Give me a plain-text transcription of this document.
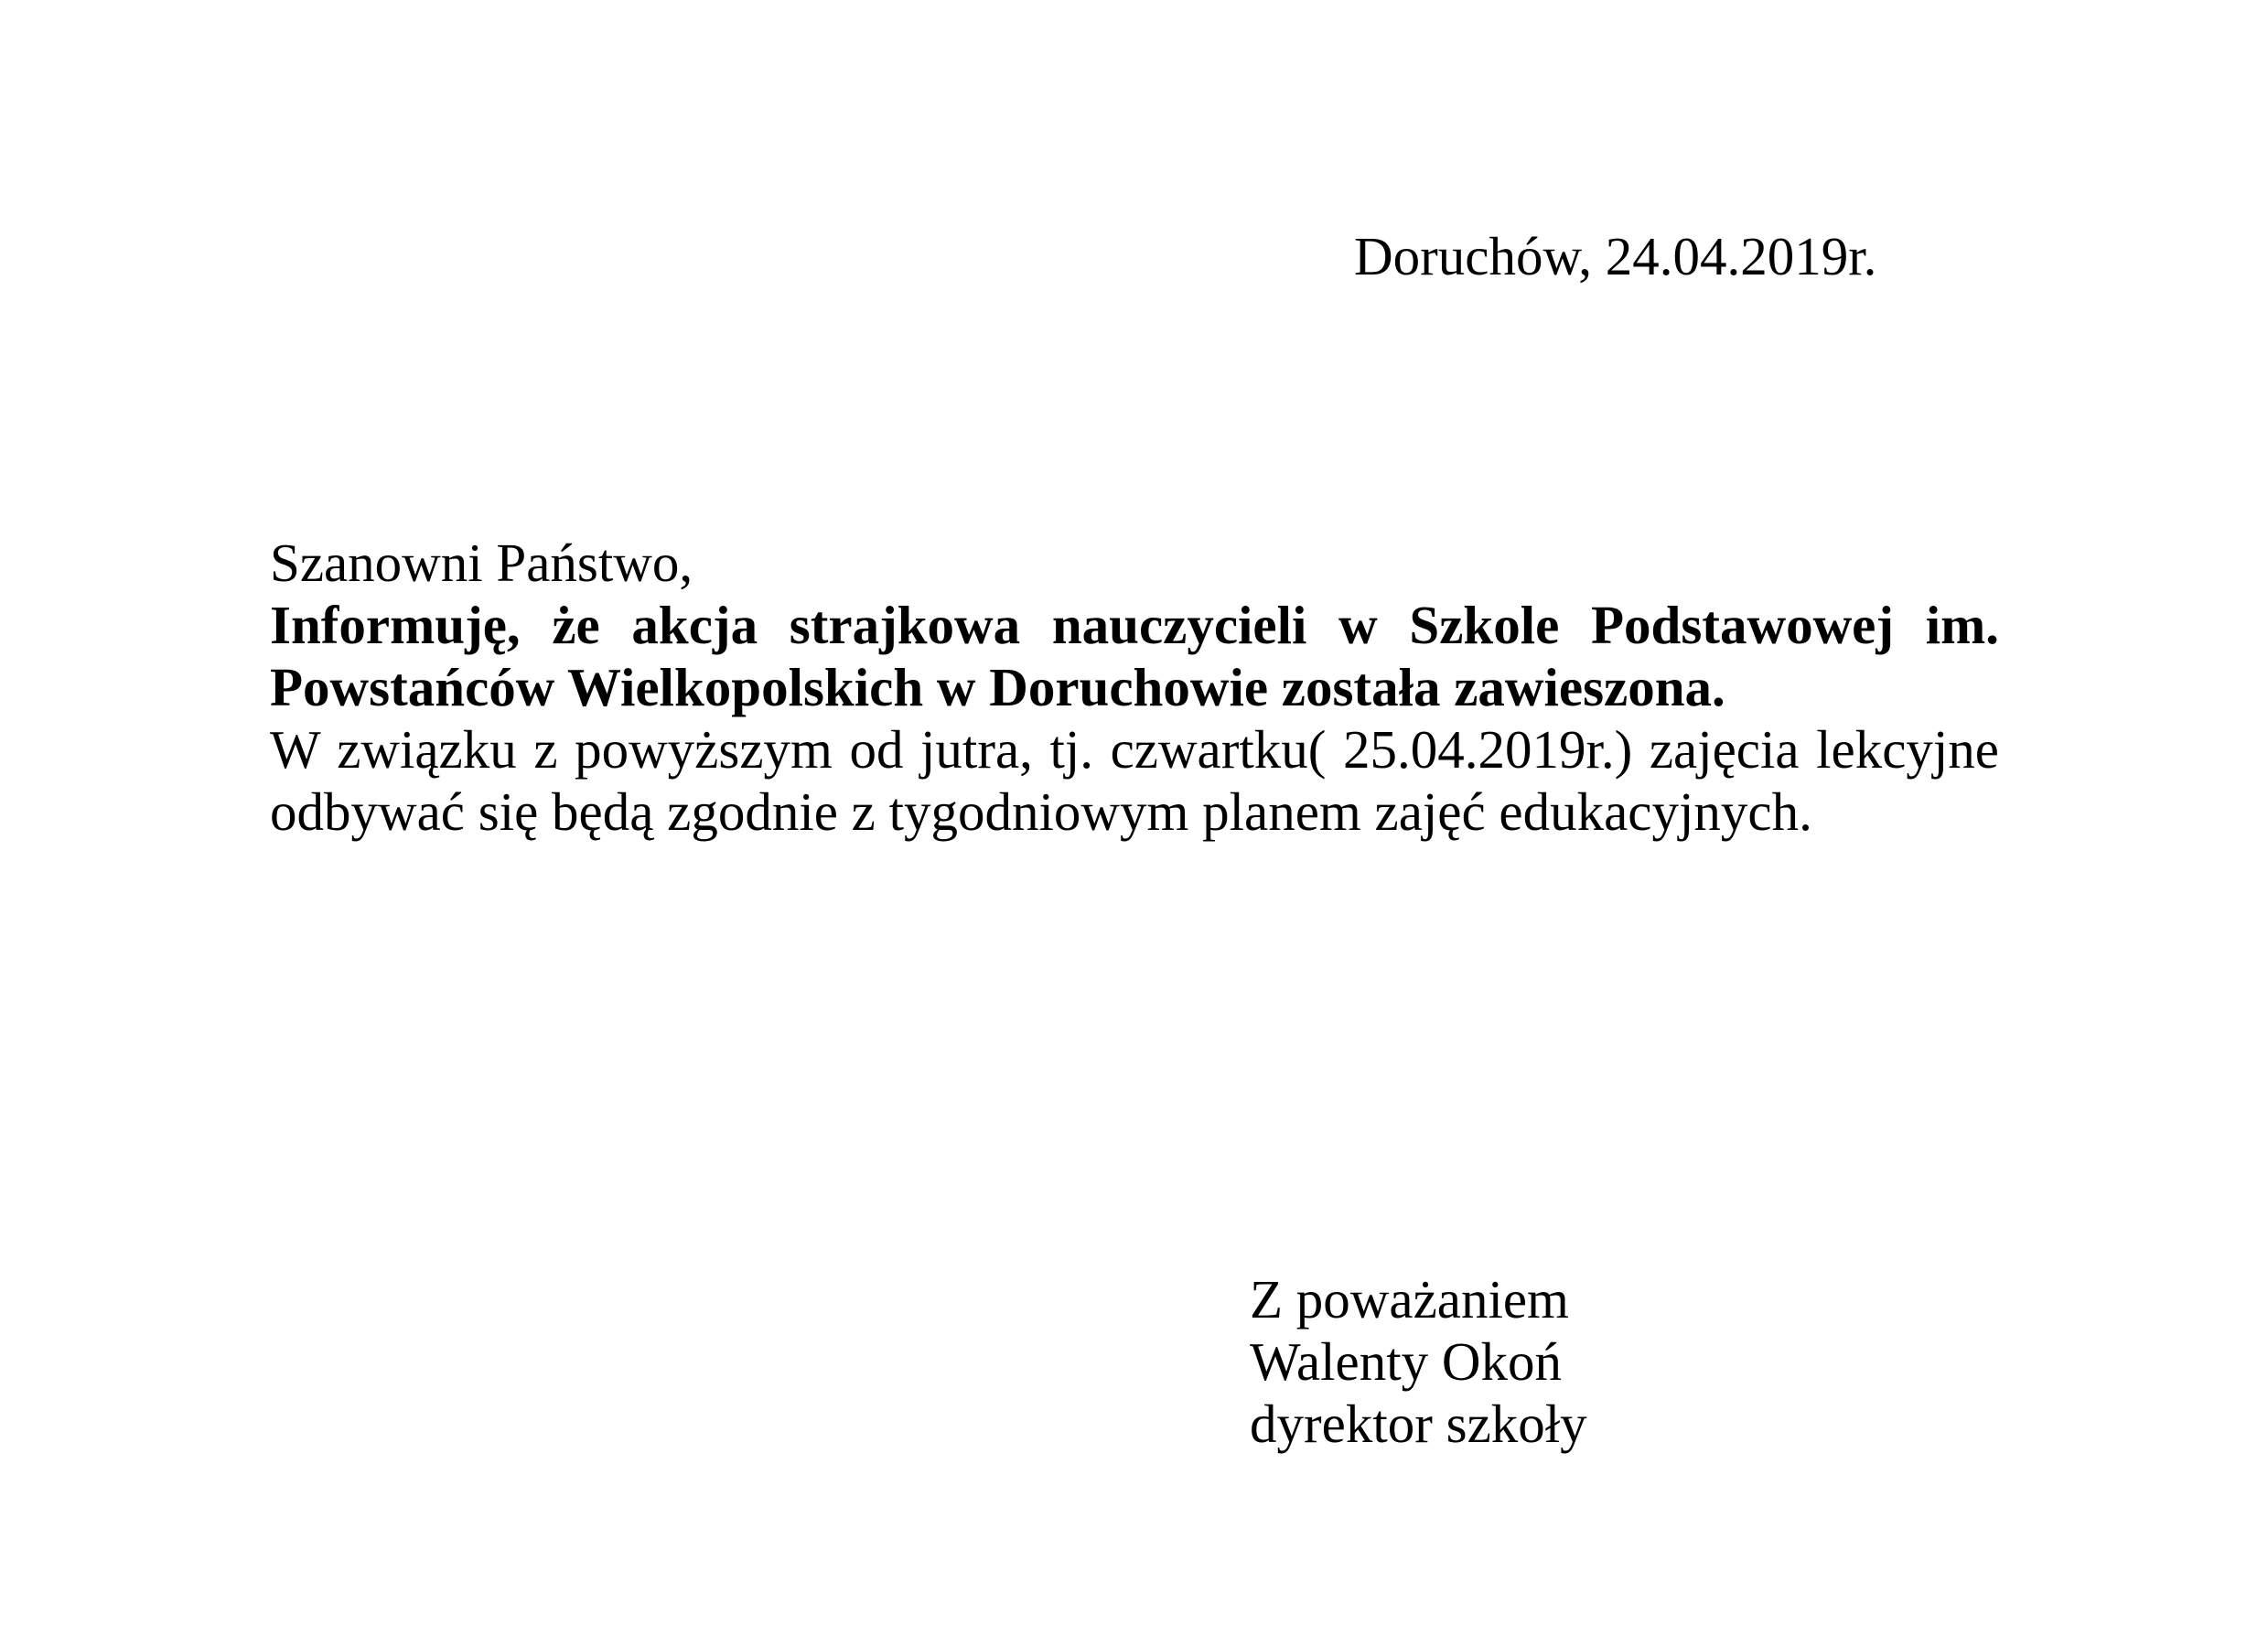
Doruchów, 24.04.2019r.
Szanowni Państwo,
Informuję, że akcja strajkowa nauczycieli w Szkole Podstawowej im.
Powstańców Wielkopolskich w Doruchowie została zawieszona.
W związku z powyższym od jutra, tj. czwartku( 25.04.2019r.) zajęcia lekcyjne
odbywać się będą zgodnie z tygodniowym planem zajęć edukacyjnych.
Z poważaniem
Walenty Okoń
dyrektor szkoły
